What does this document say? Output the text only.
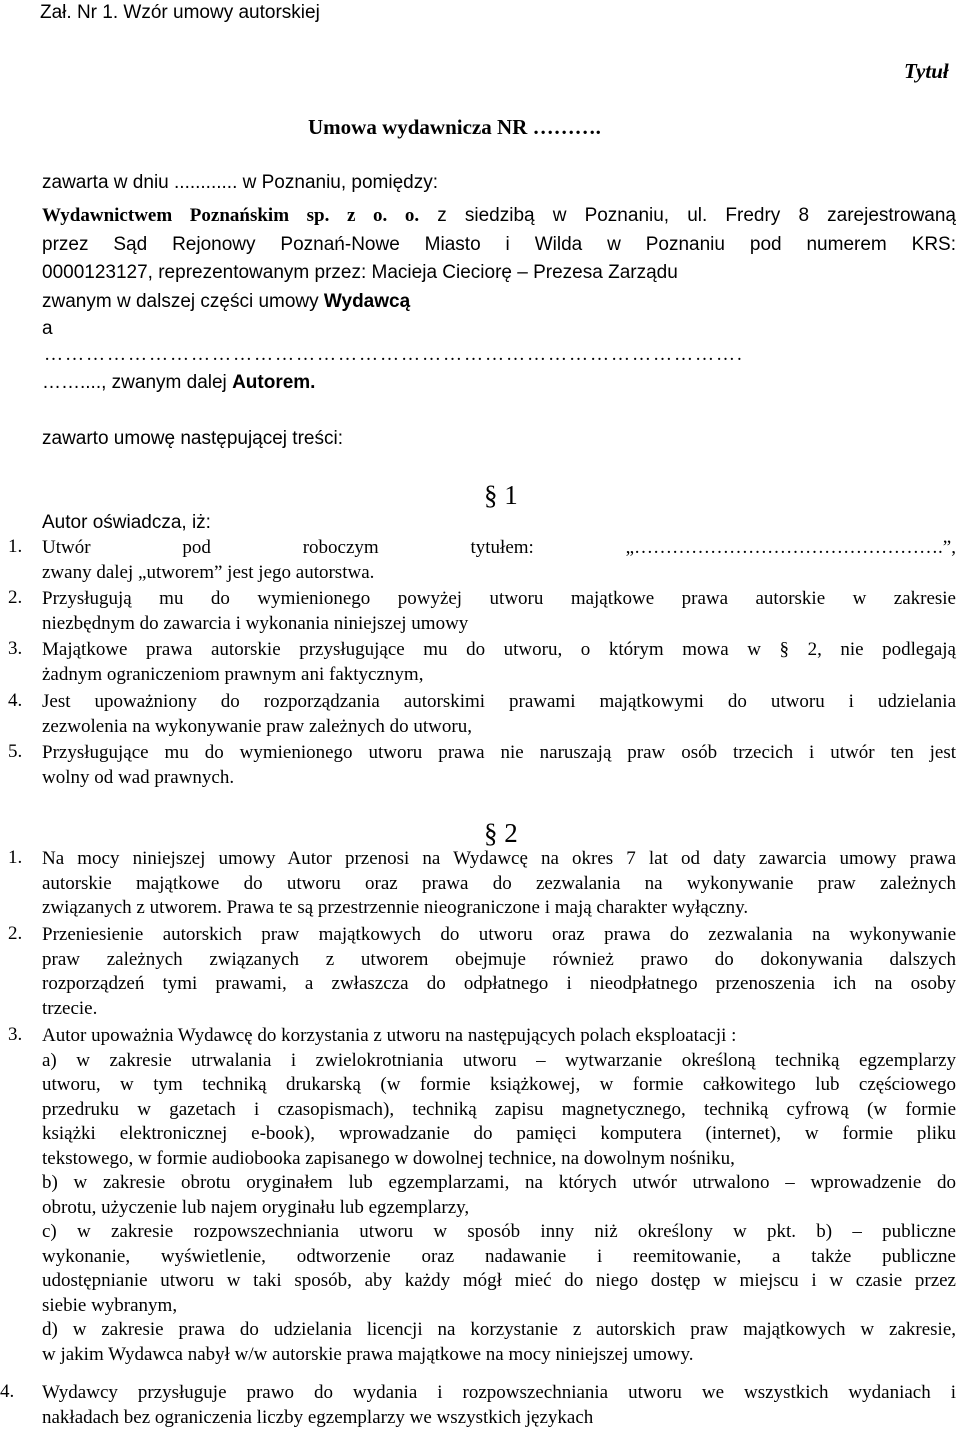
Zał. Nr 1. Wzór umowy autorskiej
Tytuł
Umowa wydawnicza NR ……….
zawarta w dniu ............ w Poznaniu, pomiędzy:
Wydawnictwem Poznańskim sp. z o. o. z siedzibą w Poznaniu, ul. Fredry 8 zarejestrowaną
przez Sąd Rejonowy Poznań-Nowe Miasto i Wilda w Poznaniu pod numerem KRS:
0000123127, reprezentowanym przez: Macieja Cieciorę – Prezesa Zarządu
zwanym w dalszej części umowy Wydawcą
a
……………………………………………………………………………………….
……...., zwanym dalej Autorem.
zawarto umowę następującej treści:
§ 1
Autor oświadcza, iż:
1. Utwór pod roboczym tytułem: „………………………………………….”,
zwany dalej „utworem” jest jego autorstwa.
2. Przysługują mu do wymienionego powyżej utworu majątkowe prawa autorskie w zakresie
niezbędnym do zawarcia i wykonania niniejszej umowy
3. Majątkowe prawa autorskie przysługujące mu do utworu, o którym mowa w § 2, nie podlegają
żadnym ograniczeniom prawnym ani faktycznym,
4. Jest upoważniony do rozporządzania autorskimi prawami majątkowymi do utworu i udzielania
zezwolenia na wykonywanie praw zależnych do utworu,
5. Przysługujące mu do wymienionego utworu prawa nie naruszają praw osób trzecich i utwór ten jest
wolny od wad prawnych.
§ 2
1. Na mocy niniejszej umowy Autor przenosi na Wydawcę na okres 7 lat od daty zawarcia umowy prawa
autorskie majątkowe do utworu oraz prawa do zezwalania na wykonywanie praw zależnych
związanych z utworem. Prawa te są przestrzennie nieograniczone i mają charakter wyłączny.
2. Przeniesienie autorskich praw majątkowych do utworu oraz prawa do zezwalania na wykonywanie
praw zależnych związanych z utworem obejmuje również prawo do dokonywania dalszych
rozporządzeń tymi prawami, a zwłaszcza do odpłatnego i nieodpłatnego przenoszenia ich na osoby
trzecie.
3. Autor upoważnia Wydawcę do korzystania z utworu na następujących polach eksploatacji :
a) w zakresie utrwalania i zwielokrotniania utworu – wytwarzanie określoną techniką egzemplarzy
utworu, w tym techniką drukarską (w formie książkowej, w formie całkowitego lub częściowego
przedruku w gazetach i czasopismach), techniką zapisu magnetycznego, techniką cyfrową (w formie
książki elektronicznej e-book), wprowadzanie do pamięci komputera (internet), w formie pliku
tekstowego, w formie audiobooka zapisanego w dowolnej technice, na dowolnym nośniku,
b) w zakresie obrotu oryginałem lub egzemplarzami, na których utwór utrwalono – wprowadzenie do
obrotu, użyczenie lub najem oryginału lub egzemplarzy,
c) w zakresie rozpowszechniania utworu w sposób inny niż określony w pkt. b) – publiczne
wykonanie, wyświetlenie, odtworzenie oraz nadawanie i reemitowanie, a także publiczne
udostępnianie utworu w taki sposób, aby każdy mógł mieć do niego dostęp w miejscu i w czasie przez
siebie wybranym,
d) w zakresie prawa do udzielania licencji na korzystanie z autorskich praw majątkowych w zakresie,
w jakim Wydawca nabył w/w autorskie prawa majątkowe na mocy niniejszej umowy.
4. Wydawcy przysługuje prawo do wydania i rozpowszechniania utworu we wszystkich wydaniach i
nakładach bez ograniczenia liczby egzemplarzy we wszystkich językach
